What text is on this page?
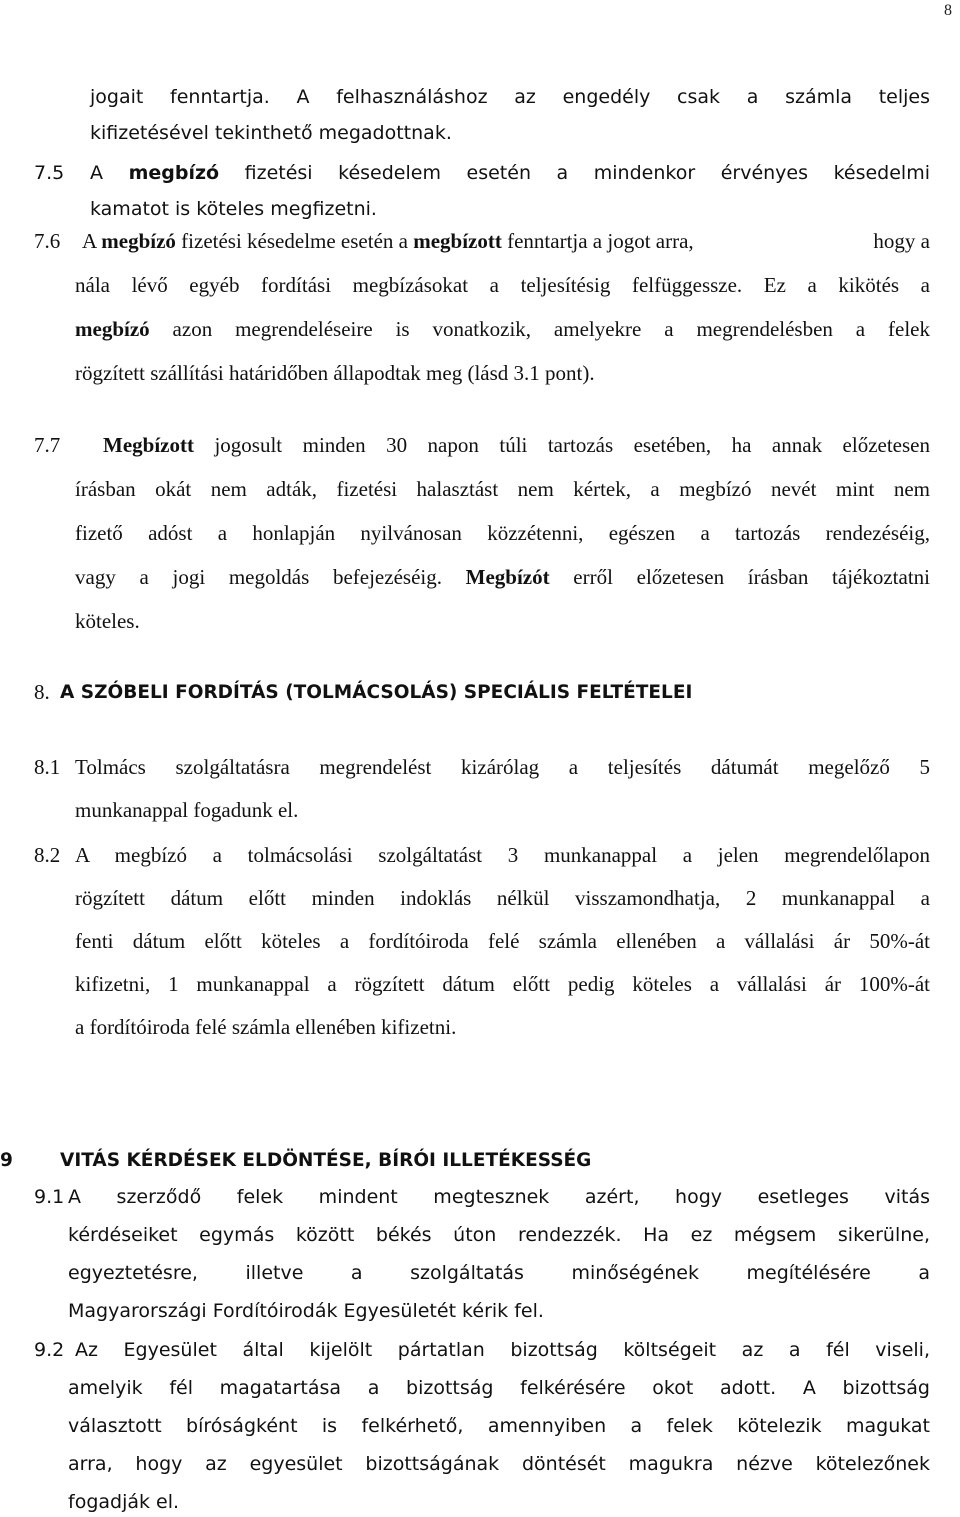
8
jogait fenntartja. A felhasználáshoz az engedély csak a számla teljes
kifizetésével tekinthető megadottnak.
7.5 A megbízó fizetési késedelem esetén a mindenkor érvényes késedelmi
kamatot is köteles megfizetni.
7.6 A megbízó fizetési késedelme esetén a megbízott fenntartja a jogot arra,	hogy a
nála lévő egyéb fordítási megbízásokat a teljesítésig felfüggessze. Ez a kikötés a
megbízó azon megrendeléseire is vonatkozik, amelyekre a megrendelésben a felek
rögzített szállítási határidőben állapodtak meg (lásd 3.1 pont).
7.7 Megbízott jogosult minden 30 napon túli tartozás esetében, ha annak előzetesen
írásban okát nem adták, fizetési halasztást nem kértek, a megbízó nevét mint nem
fizető adóst a honlapján nyilvánosan közzétenni, egészen a tartozás rendezéséig,
vagy a jogi megoldás befejezéséig. Megbízót erről előzetesen írásban tájékoztatni
köteles.
8. A SZÓBELI FORDÍTÁS (TOLMÁCSOLÁS) SPECIÁLIS FELTÉTELEI
8.1 Tolmács szolgáltatásra megrendelést kizárólag a teljesítés dátumát megelőző 5
munkanappal fogadunk el.
8.2 A megbízó a tolmácsolási szolgáltatást 3 munkanappal a jelen megrendelőlapon
rögzített dátum előtt minden indoklás nélkül visszamondhatja, 2 munkanappal a
fenti dátum előtt köteles a fordítóiroda felé számla ellenében a vállalási ár 50%-át
kifizetni, 1 munkanappal a rögzített dátum előtt pedig köteles a vállalási ár 100%-át
a fordítóiroda felé számla ellenében kifizetni.
9	VITÁS KÉRDÉSEK ELDÖNTÉSE, BÍRÓI ILLETÉKESSÉG
9.1 A szerződő felek mindent megtesznek azért, hogy esetleges vitás
kérdéseiket egymás között békés úton rendezzék. Ha ez mégsem sikerülne,
egyeztetésre, illetve a szolgáltatás minőségének megítélésére a
Magyarországi Fordítóirodák Egyesületét kérik fel.
9.2 Az Egyesület által kijelölt pártatlan bizottság költségeit az a fél viseli,
amelyik fél magatartása a bizottság felkérésére okot adott. A bizottság
választott bíróságként is felkérhető, amennyiben a felek kötelezik magukat
arra, hogy az egyesület bizottságának döntését magukra nézve kötelezőnek
fogadják el.
